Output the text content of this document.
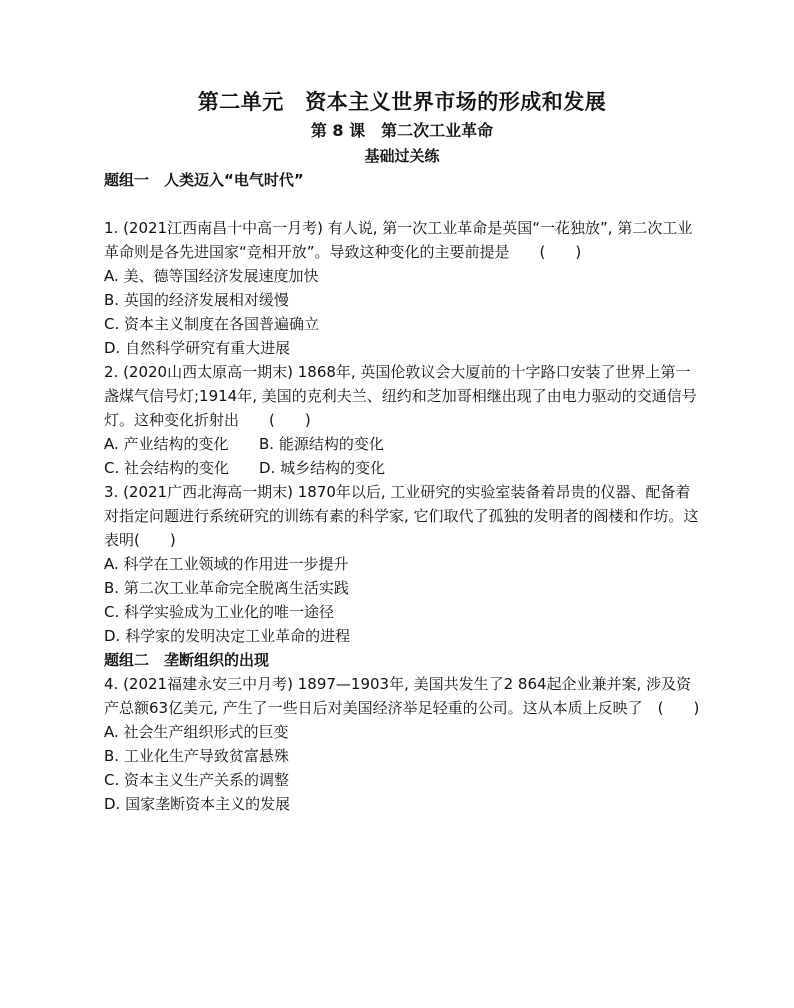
第二单元　资本主义世界市场的形成和发展
第 8 课　第二次工业革命
基础过关练
题组一　人类迈入“电气时代”

1. (2021江西南昌十中高一月考) 有人说, 第一次工业革命是英国“一花独放”, 第二次工业革命则是各先进国家“竞相开放”。导致这种变化的主要前提是　　(　　)

A. 美、德等国经济发展速度加快

B. 英国的经济发展相对缓慢

C. 资本主义制度在各国普遍确立

D. 自然科学研究有重大进展

2. (2020山西太原高一期末) 1868年, 英国伦敦议会大厦前的十字路口安装了世界上第一盏煤气信号灯;1914年, 美国的克利夫兰、纽约和芝加哥相继出现了由电力驱动的交通信号灯。这种变化折射出　　(　　)

A. 产业结构的变化 B. 能源结构的变化

C. 社会结构的变化 D. 城乡结构的变化

3. (2021广西北海高一期末) 1870年以后, 工业研究的实验室装备着昂贵的仪器、配备着对指定问题进行系统研究的训练有素的科学家, 它们取代了孤独的发明者的阁楼和作坊。这表明(　　)

A. 科学在工业领域的作用进一步提升

B. 第二次工业革命完全脱离生活实践

C. 科学实验成为工业化的唯一途径

D. 科学家的发明决定工业革命的进程

题组二　垄断组织的出现

4. (2021福建永安三中月考) 1897—1903年, 美国共发生了2 864起企业兼并案, 涉及资产总额63亿美元, 产生了一些日后对美国经济举足轻重的公司。这从本质上反映了　(　　)

A. 社会生产组织形式的巨变

B. 工业化生产导致贫富悬殊

C. 资本主义生产关系的调整

D. 国家垄断资本主义的发展
